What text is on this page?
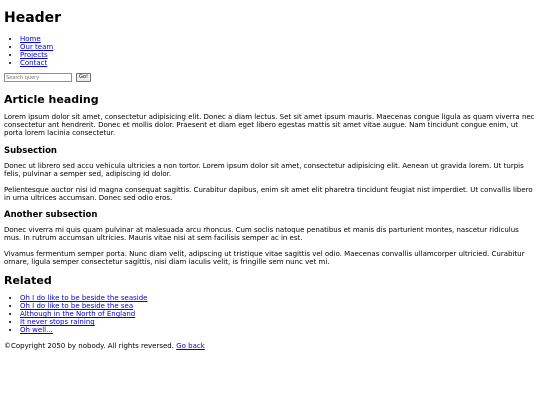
Header
• Home
• Our team
• Projects
• Contact
Search query
Go!
Article heading

Lorem ipsum dolor sit amet, consectetur adipisicing elit. Donec a diam lectus. Set sit amet ipsum mauris. Maecenas congue ligula as quam viverra nec consectetur ant hendrerit. Donec et mollis dolor. Praesent et diam eget libero egestas mattis sit amet vitae augue. Nam tincidunt congue enim, ut porta lorem lacinia consectetur.

Subsection

Donec ut librero sed accu vehicula ultricies a non tortor. Lorem ipsum dolor sit amet, consectetur adipisicing elit. Aenean ut gravida lorem. Ut turpis felis, pulvinar a semper sed, adipiscing id dolor.

Pelientesque auctor nisi id magna consequat sagittis. Curabitur dapibus, enim sit amet elit pharetra tincidunt feugiat nist imperdiet. Ut convallis libero in urna ultrices accumsan. Donec sed odio eros.

Another subsection

Donec viverra mi quis quam pulvinar at malesuada arcu rhoncus. Cum soclis natoque penatibus et manis dis parturient montes, nascetur ridiculus mus. In rutrum accumsan ultricies. Mauris vitae nisi at sem facilisis semper ac in est.

Vivamus fermentum semper porta. Nunc diam velit, adipscing ut tristique vitae sagittis vel odio. Maecenas convallis ullamcorper ultricied. Curabitur ornare, ligula semper consectetur sagittis, nisi diam iaculis velit, is fringille sem nunc vet mi.

Related
• Oh I do like to be beside the seaside
• Oh I do like to be beside the sea
• Although in the North of England
• It never stops raining
• Oh well...
©Copyright 2050 by nobody. All rights reversed. Go back
